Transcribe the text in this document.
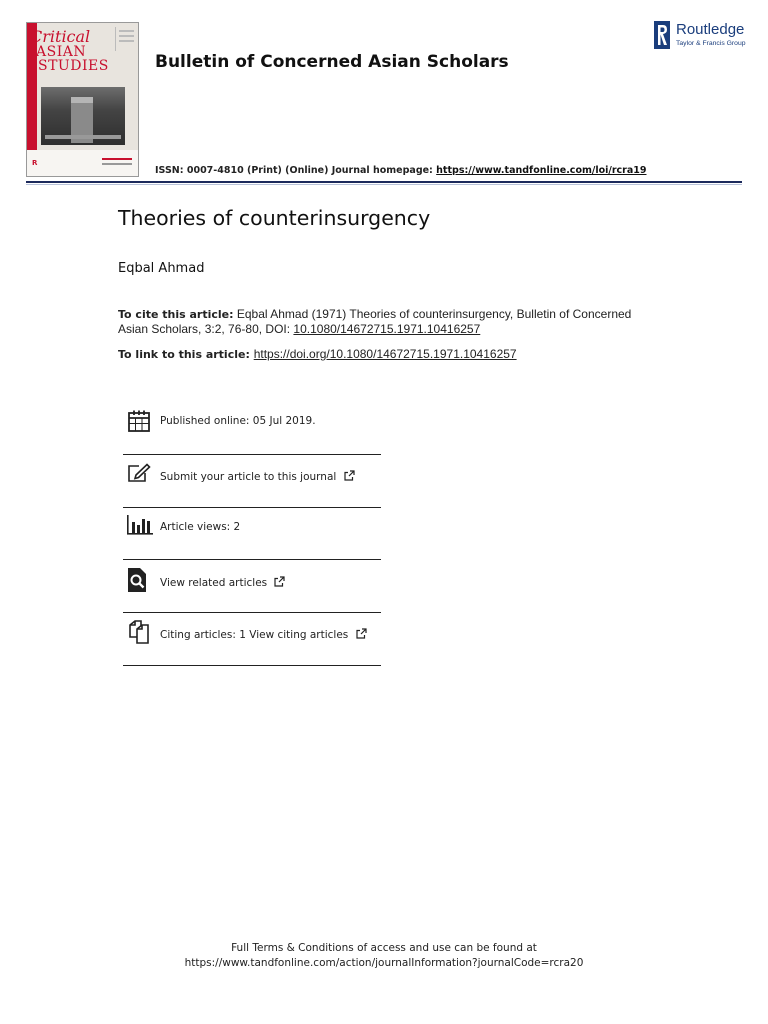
Critical
ASIAN
STUDIES
R
Bulletin of Concerned Asian Scholars
ISSN: 0007-4810 (Print) (Online) Journal homepage: https://www.tandfonline.com/loi/rcra19
Routledge
Taylor & Francis Group
Theories of counterinsurgency
Eqbal Ahmad
To cite this article: Eqbal Ahmad (1971) Theories of counterinsurgency, Bulletin of Concerned Asian Scholars, 3:2, 76-80, DOI: 10.1080/14672715.1971.10416257
To link to this article: https://doi.org/10.1080/14672715.1971.10416257
Published online: 05 Jul 2019.
Submit your article to this journal
Article views: 2
View related articles
Citing articles: 1 View citing articles
Full Terms & Conditions of access and use can be found at
https://www.tandfonline.com/action/journalInformation?journalCode=rcra20
